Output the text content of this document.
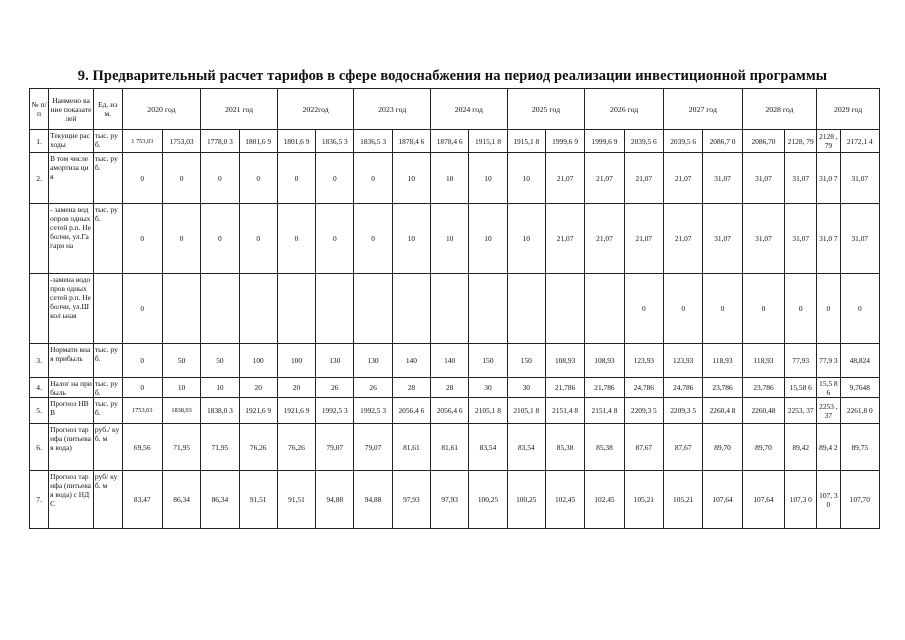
9. Предварительный расчет тарифов в сфере водоснабжения на период реализации инвестиционной программы
№ п/п	Наимено вание показате лей	Ед. изм.	2020 год		2021 год		2022год		2023 год		2024 год		2025 год		2026 год		2027 год		2028 год		2029 год	
1.	Текущие расходы	тыс. руб.	1 753,03	1753,03	1778,0 3	1801,6 9	1801,6 9	1836,5 3	1836,5 3	1878,4 6	1878,4 6	1915,1 8	1915,1 8	1999,6 9	1999,6 9	2039,5 6	2039,5 6	2086,7 0	2086,70	2128, 79	2128 ,79	2172,1 4
2.	В том числе амортиза ция	тыс. руб.	0	0	0	0	0	0	0	10	10	10	10	21,07	21,07	21,07	21,07	31,07	31,07	31,07	31,0 7	31,07
	- замена водопров одных сетей р.п. Неболчи, ул.Гагари на	тыс. руб.	0	0	0	0	0	0	0	10	10	10	10	21,07	21,07	21,07	21,07	31,07	31,07	31,07	31,0 7	31,07
	-замена водопров одных сетей р.п. Неболчи, ул.Школ ьная		0													0	0	0	0	0	0	0
3.	Нормати вная прибыль	тыс. руб.	0	50	50	100	100	130	130	140	140	150	150	108,93	108,93	123,93	123,93	118,93	118,93	77,93	77,9 3	48,824
4.	Налог на прибыль	тыс. руб.	0	10	10	20	20	26	26	28	28	30	30	21,786	21,786	24,786	24,786	23,786	23,786	15,58 6	15,5 86	9,7648
5.	Прогноз НВВ	тыс. руб.	1753,03	1838,03	1838,0 3	1921,6 9	1921,6 9	1992,5 3	1992,5 3	2056,4 6	2056,4 6	2105,1 8	2105,1 8	2151,4 8	2151,4 8	2209,3 5	2209,3 5	2260,4 8	2260,48	2253, 37	2253 ,37	2261,8 0
6.	Прогноз тарифа (питьевая вода)	руб./ куб. м	69,56	71,95	71,95	76,26	76,26	79,07	79,07	81,61	81,61	83,54	83,54	85,38	85,38	87,67	87,67	89,70	89,70	89,42	89,4 2	89,75
7.	Прогноз тарифа (питьевая вода) с НДС	руб/ куб. м	83,47	86,34	86,34	91,51	91,51	94,88	94,88	97,93	97,93	100,25	100,25	102,45	102,45	105,21	105,21	107,64	107,64	107,3 0	107, 30	107,70
